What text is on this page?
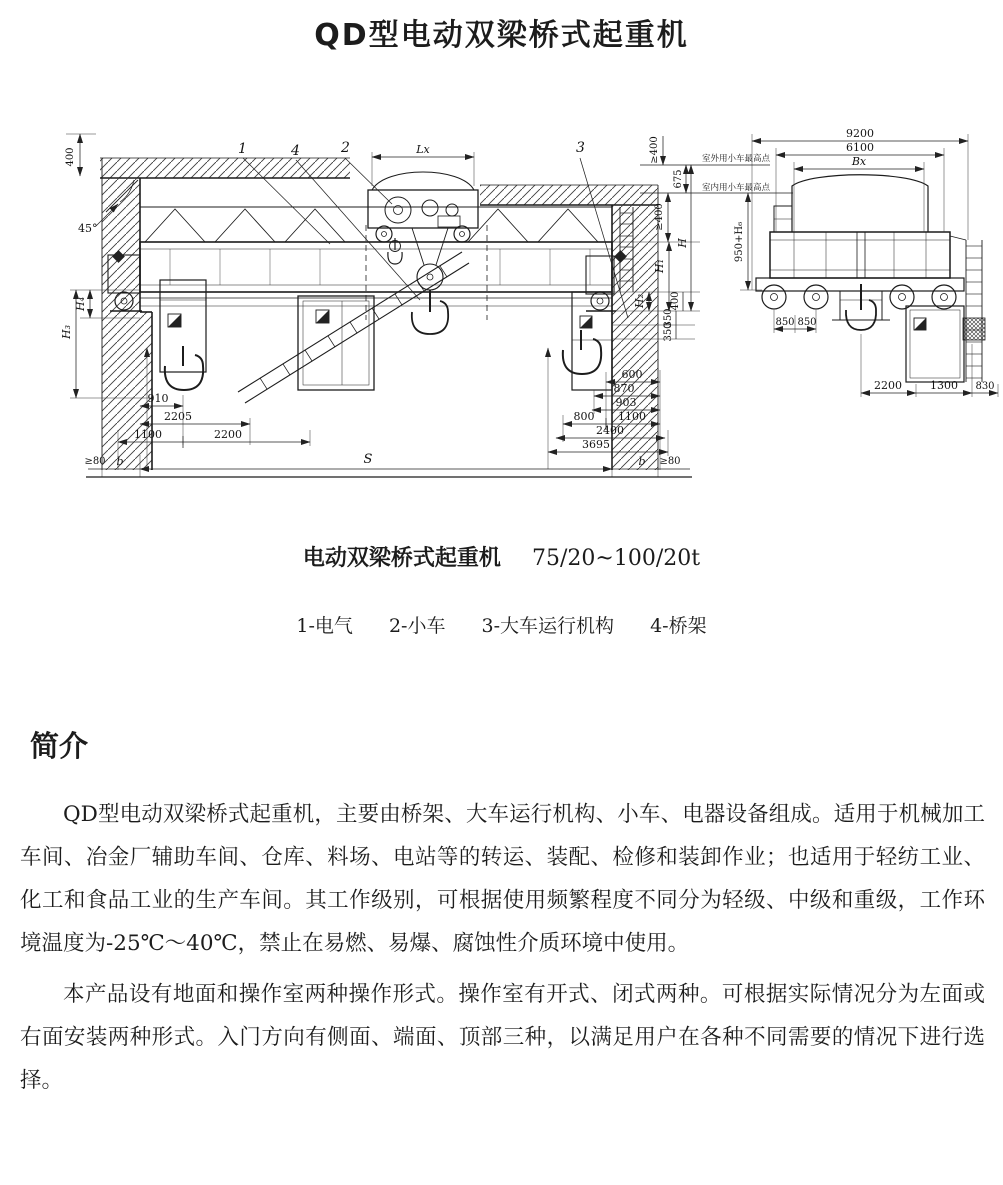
QD型电动双梁桥式起重机
400
45°
1	4	2	3
Lx
室外用小车最高点
室内用小车最高点
≥400
675
≥400
H
H₁
H₂ 400
350
350
600
870
903
800 1100
2400
3695
910
2205
1100	2200
≥80 b	S	b ≥80
H₄
H₃
9200
6100
Bx
950+H₆
850 850
2200	1300 830
电动双梁桥式起重机 75/20~100/20t
1-电气 2-小车 3-大车运行机构 4-桥架
简介

QD型电动双梁桥式起重机，主要由桥架、大车运行机构、小车、电器设备组成。适用于机械加工车间、冶金厂辅助车间、仓库、料场、电站等的转运、装配、检修和装卸作业；也适用于轻纺工业、化工和食品工业的生产车间。其工作级别，可根据使用频繁程度不同分为轻级、中级和重级，工作环境温度为-25℃～40℃，禁止在易燃、易爆、腐蚀性介质环境中使用。

本产品设有地面和操作室两种操作形式。操作室有开式、闭式两种。可根据实际情况分为左面或右面安装两种形式。入门方向有侧面、端面、顶部三种，以满足用户在各种不同需要的情况下进行选择。
